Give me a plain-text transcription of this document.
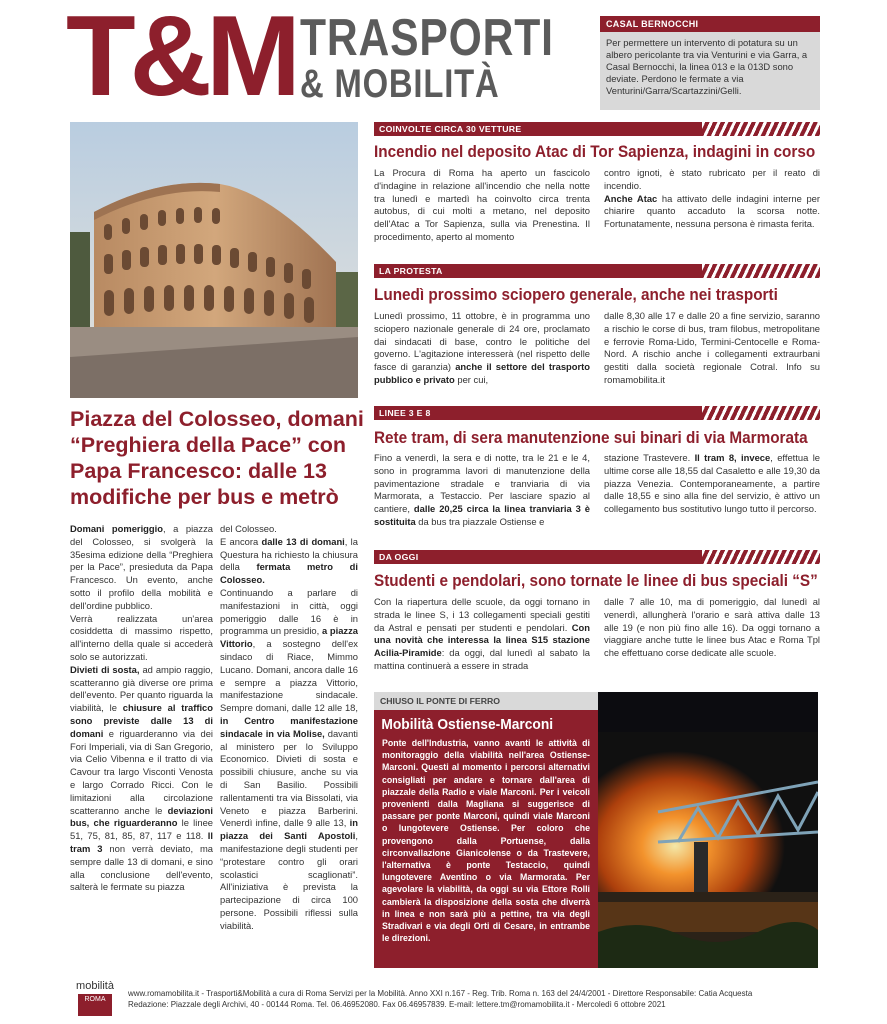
T&M TRASPORTI
& MOBILITÀ
CASAL BERNOCCHI
Per permettere un intervento di potatura su un albero pericolante tra via Venturini e via Garra, a Casal Bernocchi, la linea 013 e la 013D sono deviate. Perdono le fermate a via Venturini/Garra/Scartazzini/Gelli.
Piazza del Colosseo, domani “Preghiera della Pace” con Papa Francesco: dalle 13 modifiche per bus e metrò
Domani pomeriggio, a piazza del Colosseo, si svolgerà la 35esima edizione della “Preghiera per la Pace”, presieduta da Papa Francesco. Un evento, anche sotto il profilo della mobilità e dell'ordine pubblico.
Verrà realizzata un'area cosiddetta di massimo rispetto, all'interno della quale si accederà solo se autorizzati.
Divieti di sosta, ad ampio raggio, scatteranno già diverse ore prima dell'evento. Per quanto riguarda la viabilità, le chiusure al traffico sono previste dalle 13 di domani e riguarderanno via dei Fori Imperiali, via di San Gregorio, via Celio Vibenna e il tratto di via Cavour tra largo Visconti Venosta e largo Corrado Ricci. Con le limitazioni alla circolazione scatteranno anche le deviazioni bus, che riguarderanno le linee 51, 75, 81, 85, 87, 117 e 118. Il tram 3 non verrà deviato, ma sempre dalle 13 di domani, e sino alla conclusione dell'evento, salterà le fermate su piazza
del Colosseo.
E ancora dalle 13 di domani, la Questura ha richiesto la chiusura della fermata metro di Colosseo.
Continuando a parlare di manifestazioni in città, oggi pomeriggio dalle 16 è in programma un presidio, a piazza Vittorio, a sostegno dell'ex sindaco di Riace, Mimmo Lucano. Domani, ancora dalle 16 e sempre a piazza Vittorio, manifestazione sindacale. Sempre domani, dalle 12 alle 18, in Centro manifestazione sindacale in via Molise, davanti al ministero per lo Sviluppo Economico. Divieti di sosta e possibili chiusure, anche su via di San Basilio. Possibili rallentamenti tra via Bissolati, via Veneto e piazza Barberini. Venerdì infine, dalle 9 alle 13, in piazza dei Santi Apostoli, manifestazione degli studenti per “protestare contro gli orari scolastici scaglionati”. All'iniziativa è prevista la partecipazione di circa 100 persone. Possibili riflessi sulla viabilità.
COINVOLTE CIRCA 30 VETTURE
Incendio nel deposito Atac di Tor Sapienza, indagini in corso
La Procura di Roma ha aperto un fascicolo d'indagine in relazione all'incendio che nella notte tra lunedì e martedì ha coinvolto circa trenta autobus, di cui molti a metano, nel deposito dell'Atac a Tor Sapienza, sulla via Prenestina. Il procedimento, aperto al momento
contro ignoti, è stato rubricato per il reato di incendio.
Anche Atac ha attivato delle indagini interne per chiarire quanto accaduto la scorsa notte. Fortunatamente, nessuna persona è rimasta ferita.
LA PROTESTA
Lunedì prossimo sciopero generale, anche nei trasporti
Lunedì prossimo, 11 ottobre, è in programma uno sciopero nazionale generale di 24 ore, proclamato dai sindacati di base, contro le politiche del governo. L'agitazione interesserà (nel rispetto delle fasce di garanzia) anche il settore del trasporto pubblico e privato per cui,
dalle 8,30 alle 17 e dalle 20 a fine servizio, saranno a rischio le corse di bus, tram filobus, metropolitane e ferrovie Roma-Lido, Termini-Centocelle e Roma-Nord. A rischio anche i collegamenti extraurbani gestiti dalla società regionale Cotral. Info su romamobilita.it
LINEE 3 E 8
Rete tram, di sera manutenzione sui binari di via Marmorata
Fino a venerdì, la sera e di notte, tra le 21 e le 4, sono in programma lavori di manutenzione della pavimentazione stradale e tranviaria di via Marmorata, a Testaccio. Per lasciare spazio al cantiere, dalle 20,25 circa la linea tranviaria 3 è sostituita da bus tra piazzale Ostiense e
stazione Trastevere. Il tram 8, invece, effettua le ultime corse alle 18,55 dal Casaletto e alle 19,30 da piazza Venezia. Contemporaneamente, a partire dalle 18,55 e sino alla fine del servizio, è attivo un collegamento bus sostitutivo lungo tutto il percorso.
DA OGGI
Studenti e pendolari, sono tornate le linee di bus speciali “S”
Con la riapertura delle scuole, da oggi tornano in strada le linee S, i 13 collegamenti speciali gestiti da Astral e pensati per studenti e pendolari. Con una novità che interessa la linea S15 stazione Acilia-Piramide: da oggi, dal lunedì al sabato la mattina continuerà a essere in strada
dalle 7 alle 10, ma di pomeriggio, dal lunedì al venerdì, allungherà l'orario e sarà attiva dalle 13 alle 19 (e non più fino alle 16). Da oggi tornano a viaggiare anche tutte le linee bus Atac e Roma Tpl che effettuano corse dedicate alle scuole.
CHIUSO IL PONTE DI FERRO
Mobilità Ostiense-Marconi
Ponte dell'Industria, vanno avanti le attività di monitoraggio della viabilità nell'area Ostiense-Marconi. Questi al momento i percorsi alternativi consigliati per andare e tornare dall'area di piazzale della Radio e viale Marconi. Per i veicoli provenienti dalla Magliana si suggerisce di passare per ponte Marconi, quindi viale Marconi o lungotevere Ostiense. Per coloro che provengono dalla Portuense, dalla circonvallazione Gianicolense o da Trastevere, l'alternativa è ponte Testaccio, quindi lungotevere Aventino o via Marmorata. Per agevolare la viabilità, da oggi su via Ettore Rolli cambierà la disposizione della sosta che diverrà in linea e non sarà più a pettine, tra via degli Stradivari e via degli Orti di Cesare, in entrambe le direzioni.
mobilità
ROMA
www.romamobilita.it - Trasporti&Mobilità a cura di Roma Servizi per la Mobilità. Anno XXI n.167 - Reg. Trib. Roma n. 163 del 24/4/2001 - Direttore Responsabile: Catia Acquesta
Redazione: Piazzale degli Archivi, 40 - 00144 Roma. Tel. 06.46952080. Fax 06.46957839. E-mail: lettere.tm@romamobilita.it - Mercoledì 6 ottobre 2021
